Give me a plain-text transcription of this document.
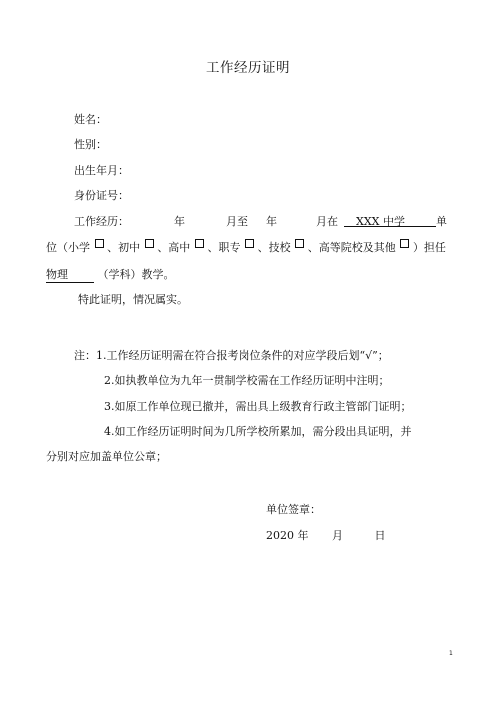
工作经历证明
姓名：
性别：
出生年月：
身份证号：
工作经历：	年	月至 年	月在 XXX 中学	单
位（小学 、初中 、高中 、职专 、技校 、高等院校及其他 ）担任
物理	（学科）教学。
特此证明，情况属实。
注：1.工作经历证明需在符合报考岗位条件的对应学段后划“√”；
2.如执教单位为九年一贯制学校需在工作经历证明中注明；
3.如原工作单位现已撤并，需出具上级教育行政主管部门证明；
4.如工作经历证明时间为几所学校所累加，需分段出具证明，并
分别对应加盖单位公章；
单位签章：
2020 年 月	日
1
